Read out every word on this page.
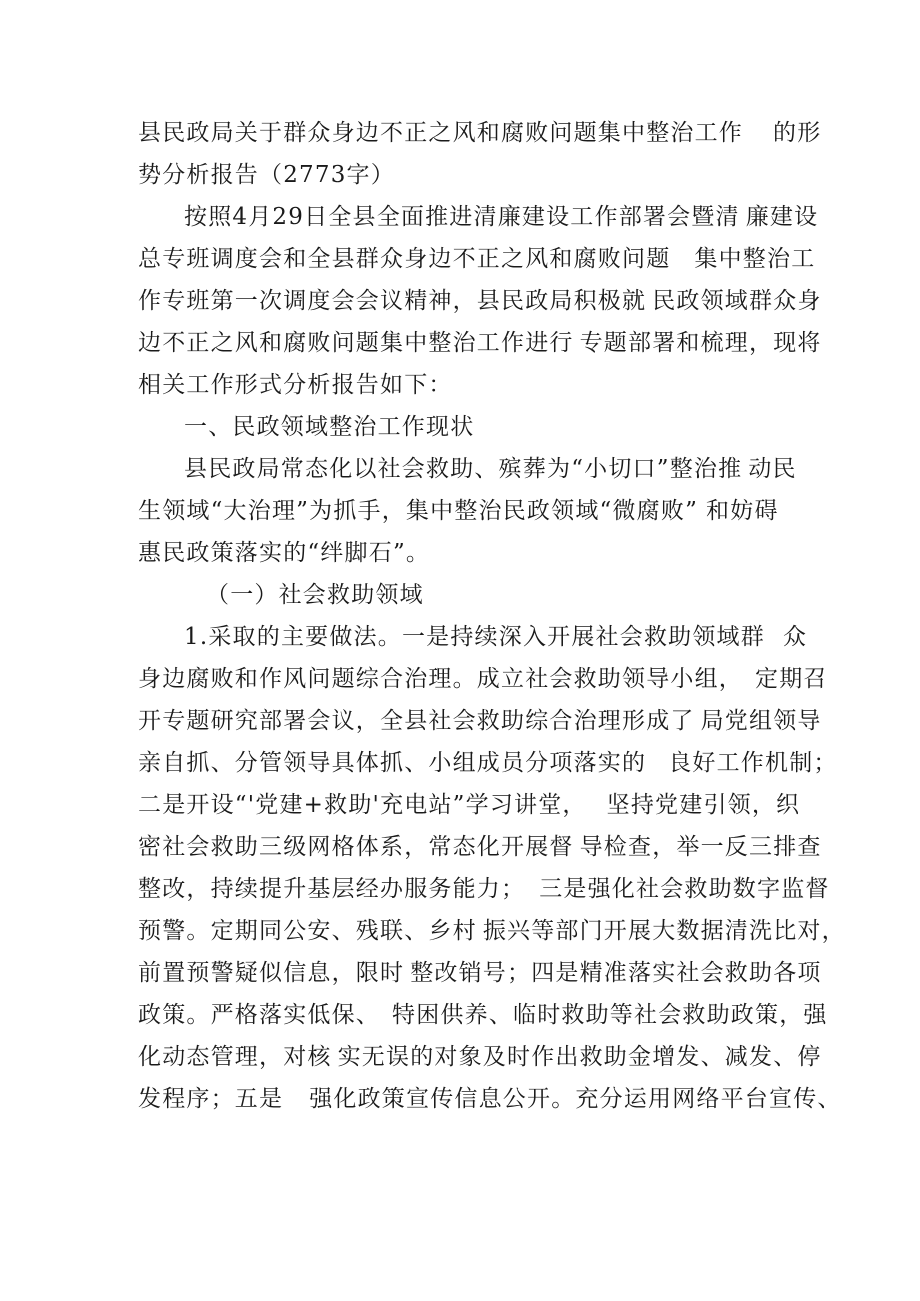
县民政局关于群众身边不正之风和腐败问题集中整治工作 的形
势分析报告（2773字）
按照4月29日全县全面推进清廉建设工作部署会暨清 廉建设
总专班调度会和全县群众身边不正之风和腐败问题 集中整治工
作专班第一次调度会会议精神，县民政局积极就 民政领域群众身
边不正之风和腐败问题集中整治工作进行 专题部署和梳理，现将
相关工作形式分析报告如下：
一、民政领域整治工作现状
县民政局常态化以社会救助、殡葬为“小切口”整治推 动民
生领域“大治理”为抓手，集中整治民政领域“微腐败” 和妨碍
惠民政策落实的“绊脚石”。
（一）社会救助领域
1.采取的主要做法。一是持续深入开展社会救助领域群 众
身边腐败和作风问题综合治理。成立社会救助领导小组， 定期召
开专题研究部署会议，全县社会救助综合治理形成了 局党组领导
亲自抓、分管领导具体抓、小组成员分项落实的 良好工作机制；
二是开设“'党建+救助'充电站”学习讲堂， 坚持党建引领，织
密社会救助三级网格体系，常态化开展督 导检查，举一反三排查
整改，持续提升基层经办服务能力； 三是强化社会救助数字监督
预警。定期同公安、残联、乡村 振兴等部门开展大数据清洗比对，
前置预警疑似信息，限时 整改销号；四是精准落实社会救助各项
政策。严格落实低保、 特困供养、临时救助等社会救助政策，强
化动态管理，对核 实无误的对象及时作出救助金增发、减发、停
发程序；五是 强化政策宣传信息公开。充分运用网络平台宣传、
